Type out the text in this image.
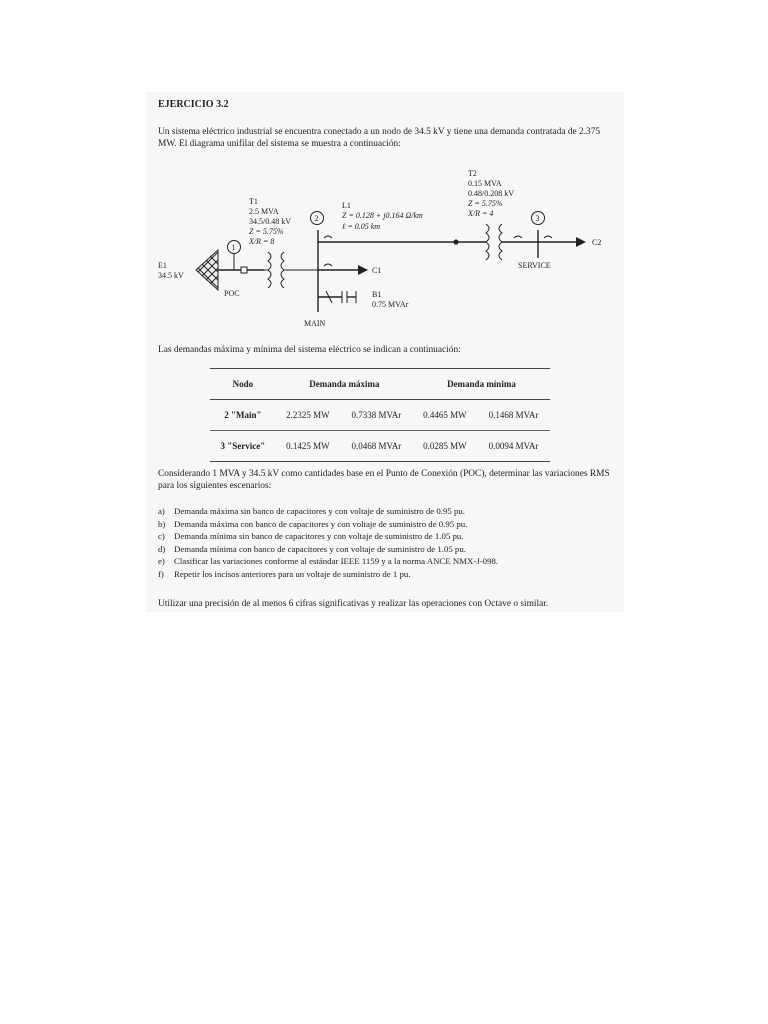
EJERCICIO 3.2
Un sistema eléctrico industrial se encuentra conectado a un nodo de 34.5 kV y tiene una demanda contratada de 2.375 MW. El diagrama unifilar del sistema se muestra a continuación:
1
2	3
E1
34.5 kV
POC
T1
2.5 MVA
34.5/0.48 kV
Z = 5.75%
X/R = 8
L1
Z = 0.128 + j0.164 Ω/km
ℓ = 0.05 km
C1
B1
0.75 MVAr
MAIN
T2
0.15 MVA
0.48/0.208 kV
Z = 5.75%
X/R = 4
SERVICE
C2
Las demandas máxima y mínima del sistema eléctrico se indican a continuación:
Nodo	Demanda máxima		Demanda mínima	
2 "Main"	2.2325 MW	0.7338 MVAr	0.4465 MW	0.1468 MVAr
3 "Service"	0.1425 MW	0.0468 MVAr	0.0285 MW	0.0094 MVAr
Considerando 1 MVA y 34.5 kV como cantidades base en el Punto de Conexión (POC), determinar las variaciones RMS para los siguientes escenarios:
a) Demanda máxima sin banco de capacitores y con voltaje de suministro de 0.95 pu.
b) Demanda máxima con banco de capacitores y con voltaje de suministro de 0.95 pu.
c) Demanda mínima sin banco de capacitores y con voltaje de suministro de 1.05 pu.
d) Demanda mínima con banco de capacitores y con voltaje de suministro de 1.05 pu.
e) Clasificar las variaciones conforme al estándar IEEE 1159 y a la norma ANCE NMX-J-098.
f) Repetir los incisos anteriores para un voltaje de suministro de 1 pu.
Utilizar una precisión de al menos 6 cifras significativas y realizar las operaciones con Octave o similar.
